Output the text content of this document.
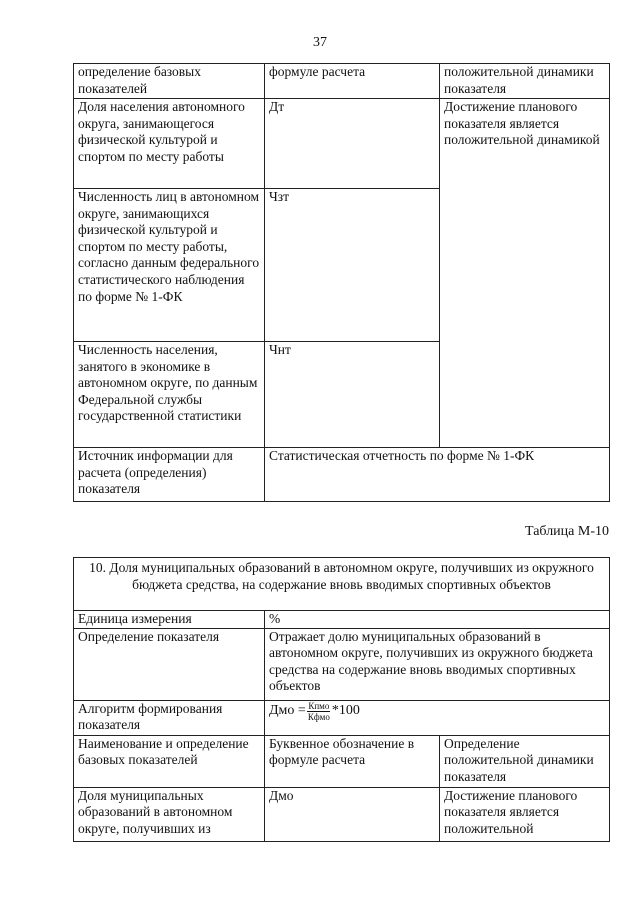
37
определение базовых показателей	формуле расчета	положительной динамики показателя
Доля населения автономного округа, занимающегося физической культурой и спортом по месту работы	Дт	Достижение планового показателя является положительной динамикой
Численность лиц в автономном округе, занимающихся физической культурой и спортом по месту работы, согласно данным федерального статистического наблюдения по форме № 1-ФК	Чзт	
Численность населения, занятого в экономике в автономном округе, по данным Федеральной службы государственной статистики	Чнт	
Источник информации для расчета (определения) показателя	Статистическая отчетность по форме № 1-ФК	
Таблица М-10
10. Доля муниципальных образований в автономном округе, получивших из окружного бюджета средства, на содержание вновь вводимых спортивных объектов		
Единица измерения	%	
Определение показателя	Отражает долю муниципальных образований в автономном округе, получивших из окружного бюджета средства на содержание вновь вводимых спортивных объектов	
Алгоритм формирования показателя	Дмо = $\frac{\text{Кпмо}}{\text{Кфмо}} *100$	

Наименование и определение базовых показателей	Буквенное обозначение в формуле расчета	Определение положительной динамики показателя
Доля муниципальных образований в автономном округе, получивших из	Дмо	Достижение планового показателя является положительной
